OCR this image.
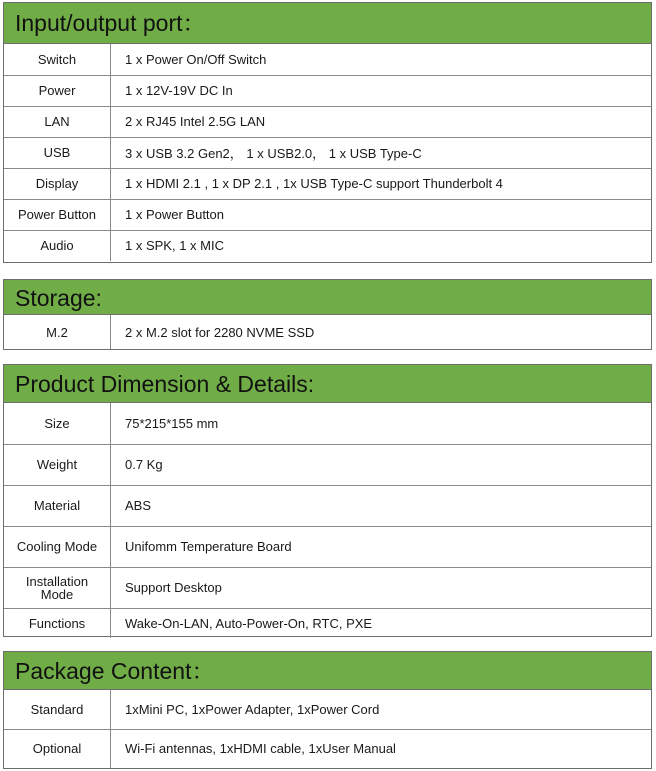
Input/output port：
Switch	1 x Power On/Off Switch
Power	1 x 12V-19V DC In
LAN	2 x RJ45 Intel 2.5G LAN
USB	3 x USB 3.2 Gen2， 1 x USB2.0， 1 x USB Type-C
Display	1 x HDMI 2.1 , 1 x DP 2.1 , 1x USB Type-C support Thunderbolt 4
Power Button	1 x Power Button
Audio	1 x SPK, 1 x MIC
Storage:
M.2	2 x M.2 slot for 2280 NVME SSD
Product Dimension & Details:
Size	75*215*155 mm
Weight	0.7 Kg
Material	ABS
Cooling Mode	Unifomm Temperature Board
Installation Mode	Support Desktop
Functions	Wake-On-LAN, Auto-Power-On, RTC, PXE
Package Content：
Standard	1xMini PC, 1xPower Adapter, 1xPower Cord
Optional	Wi-Fi antennas, 1xHDMI cable, 1xUser Manual
